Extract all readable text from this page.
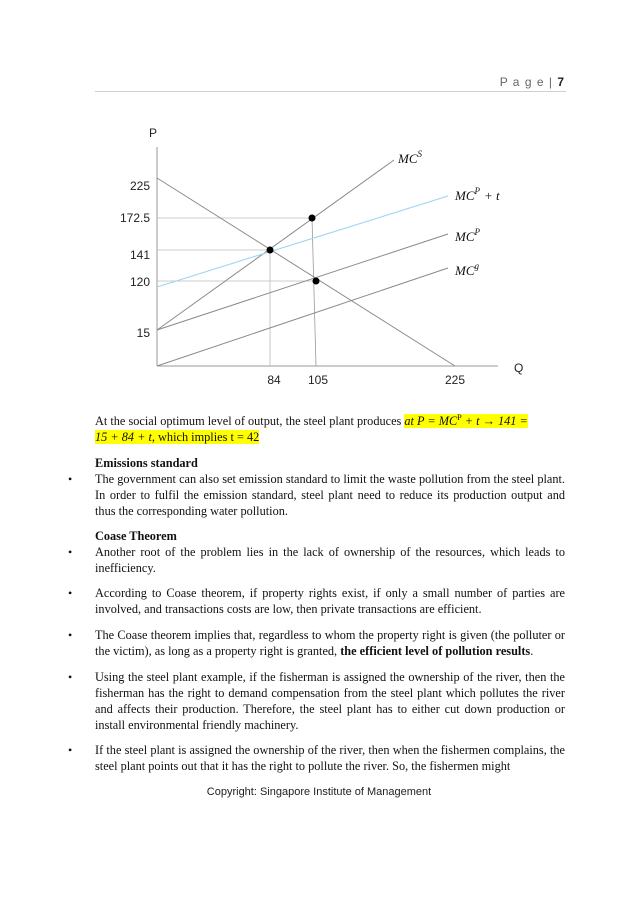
P a g e | 7
P
Q
225
172.5
141
120
15
84 105	225
$MC^S$
$MC^P + t$
$MC^P$
$MC^g$
At the social optimum level of output, the steel plant produces at $P = MC^P + t \to 141$ =
15 + 84 + t, which implies t = 42
Emissions standard
• The government can also set emission standard to limit the waste pollution from the steel plant. In order to fulfil the emission standard, steel plant need to reduce its production output and thus the corresponding water pollution.
Coase Theorem
• Another root of the problem lies in the lack of ownership of the resources, which leads to inefficiency.
• According to Coase theorem, if property rights exist, if only a small number of parties are involved, and transactions costs are low, then private transactions are efficient.
• The Coase theorem implies that, regardless to whom the property right is given (the polluter or the victim), as long as a property right is granted, the efficient level of pollution results.
• Using the steel plant example, if the fisherman is assigned the ownership of the river, then the fisherman has the right to demand compensation from the steel plant which pollutes the river and affects their production. Therefore, the steel plant has to either cut down production or install environmental friendly machinery.
• If the steel plant is assigned the ownership of the river, then when the fishermen complains, the steel plant points out that it has the right to pollute the river. So, the fishermen might
Copyright: Singapore Institute of Management
